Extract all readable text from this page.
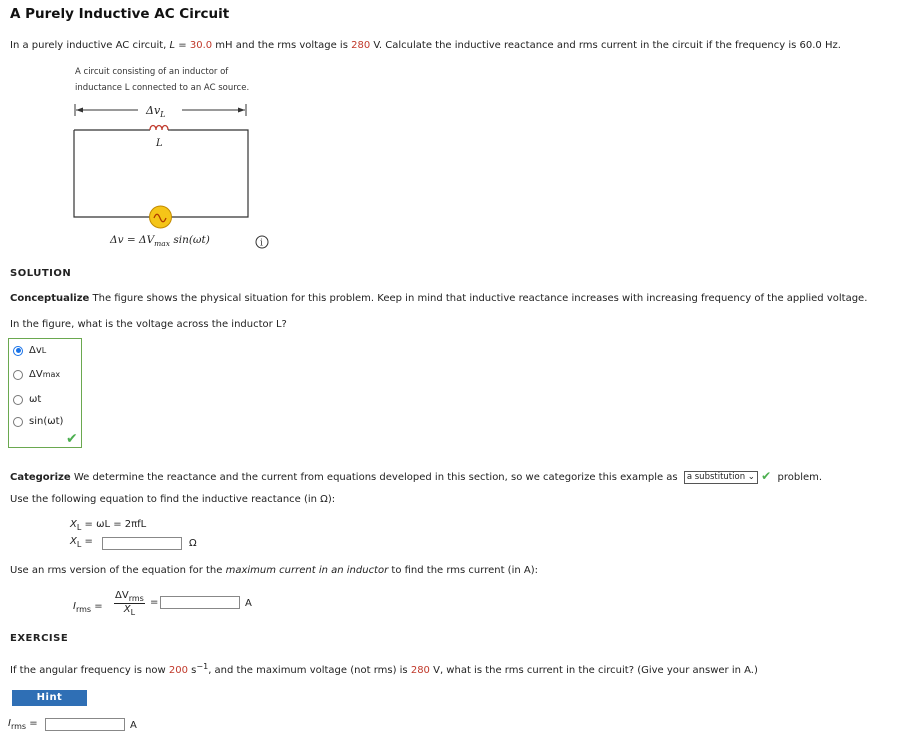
A Purely Inductive AC Circuit
In a purely inductive AC circuit, L = 30.0 mH and the rms voltage is 280 V. Calculate the inductive reactance and rms current in the circuit if the frequency is 60.0 Hz.
A circuit consisting of an inductor of
inductance L connected to an AC source.
$\Delta v_L$
L
$\Delta v = \Delta V_{max}$ sin(ωt)	i
SOLUTION
Conceptualize The figure shows the physical situation for this problem. Keep in mind that inductive reactance increases with increasing frequency of the applied voltage.
In the figure, what is the voltage across the inductor L?
Δv L
ΔV max
ωt
sin(ωt)
✔
Categorize We determine the reactance and the current from equations developed in this section, so we categorize this example as a substitution ⌄ ✔ problem.
Use the following equation to find the inductive reactance (in Ω):
$X_L = \omega L = 2\pi fL$
$X_L$ =	Ω
Use an rms version of the equation for the maximum current in an inductor to find the rms current (in A):
$I_{rms}$ =
$\Delta V_{rms}$
$X_L$
=	A
EXERCISE
If the angular frequency is now 200 $s^{-1}$, and the maximum voltage (not rms) is 280 V, what is the rms current in the circuit? (Give your answer in A.)
Hint
$I_{rms}$ =	A
